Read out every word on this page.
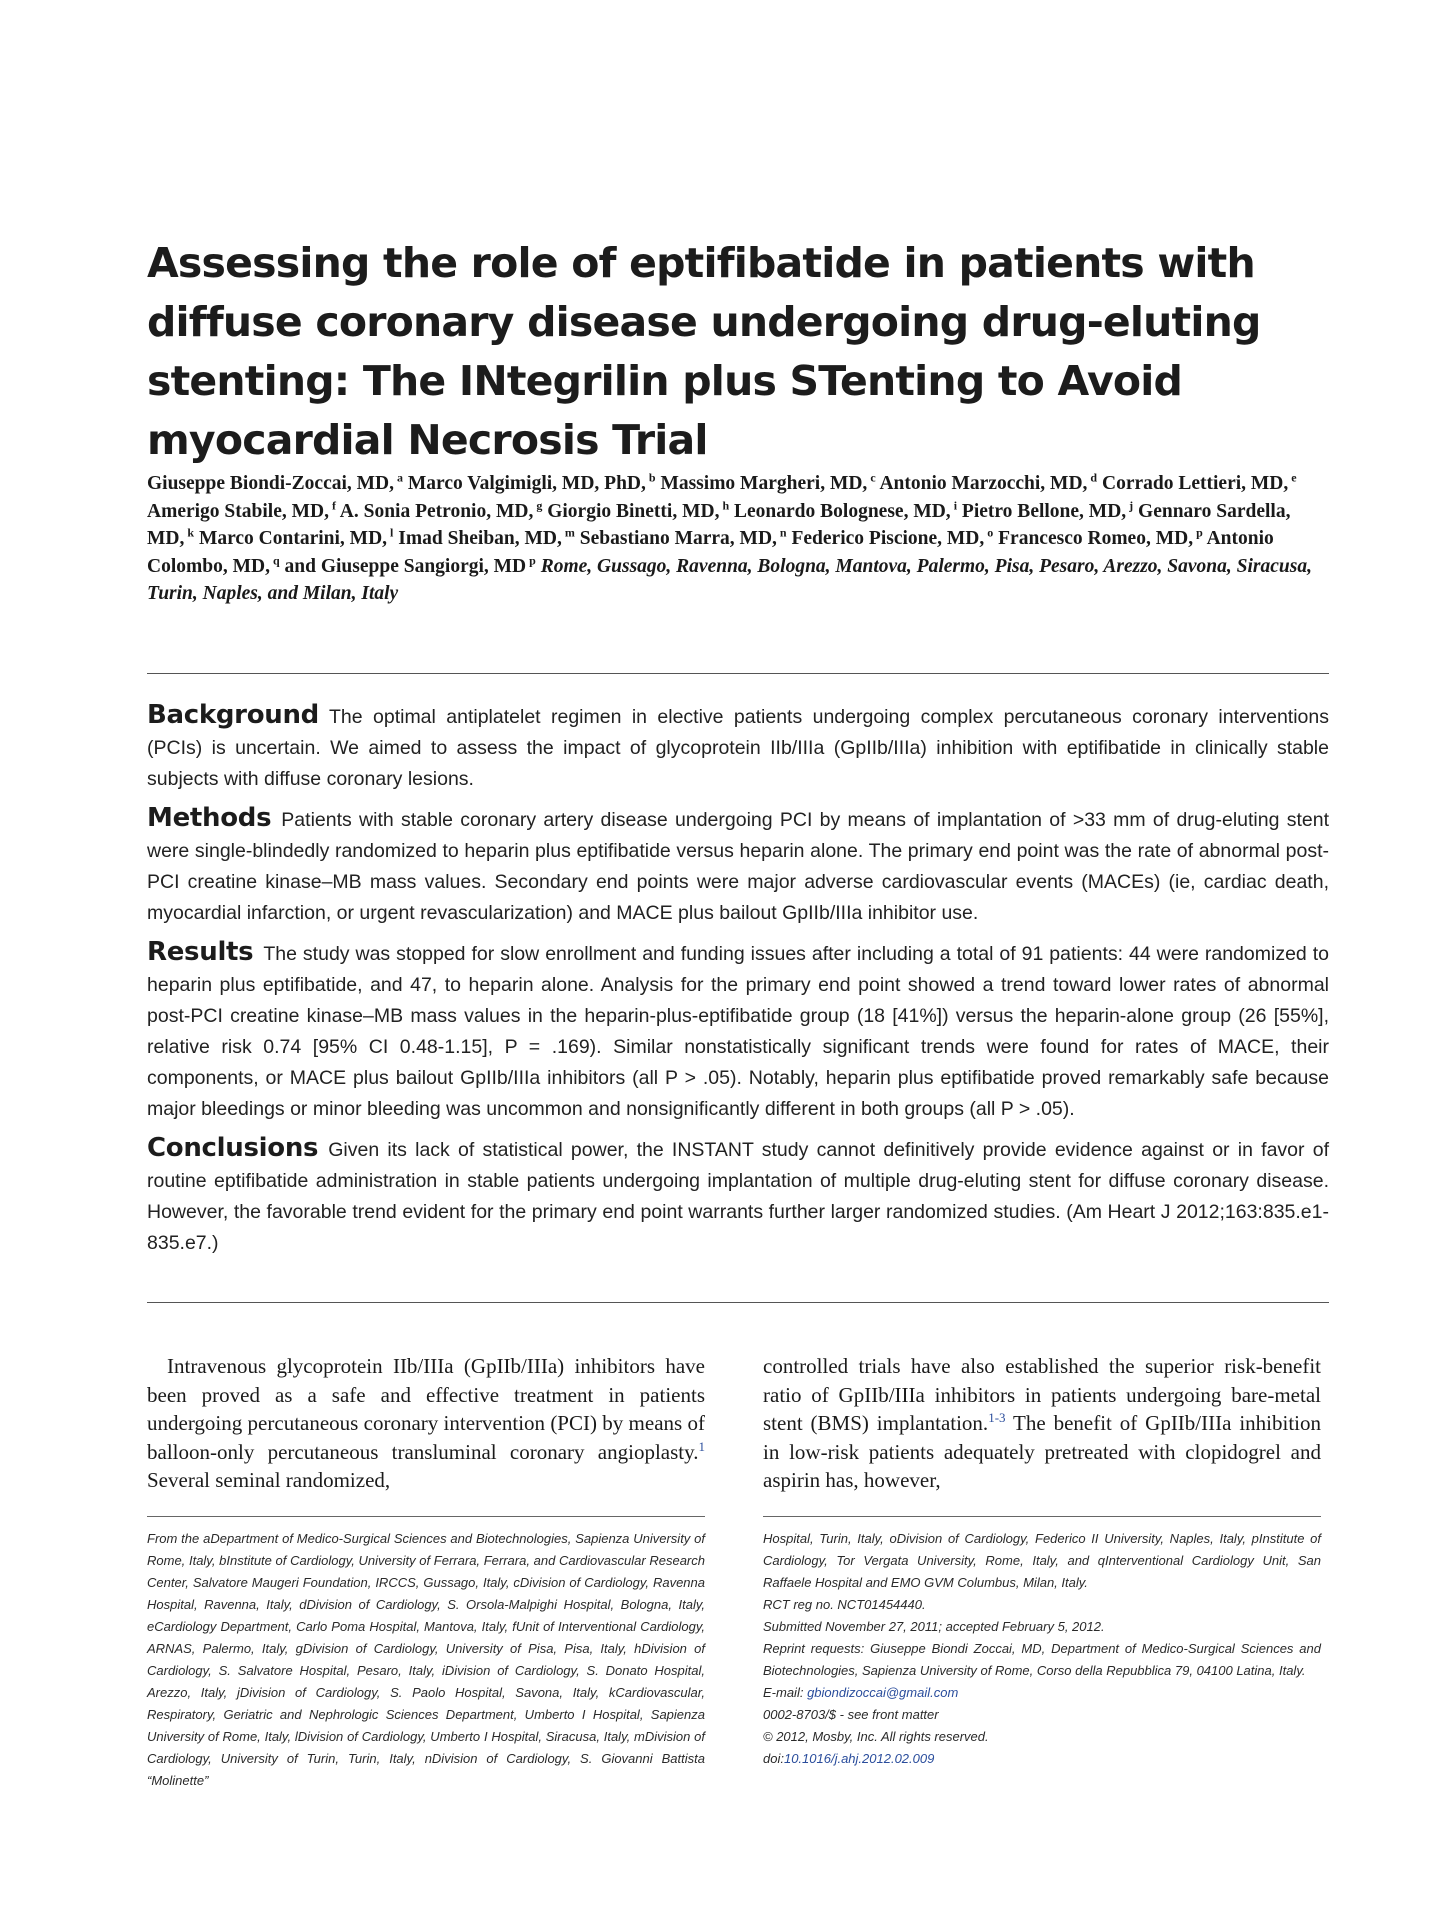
Assessing the role of eptifibatide in patients with diffuse coronary disease undergoing drug-eluting stenting: The INtegrilin plus STenting to Avoid myocardial Necrosis Trial
Giuseppe Biondi-Zoccai, MD, $^a$ Marco Valgimigli, MD, PhD, $^b$ Massimo Margheri, MD, $^c$ Antonio Marzocchi, MD, $^d$ Corrado Lettieri, MD, $^e$ Amerigo Stabile, MD, $^f$ A. Sonia Petronio, MD, $^g$ Giorgio Binetti, MD, $^h$ Leonardo Bolognese, MD, $^i$ Pietro Bellone, MD, $^j$ Gennaro Sardella, MD, $^k$ Marco Contarini, MD, $^l$ Imad Sheiban, MD, $^m$ Sebastiano Marra, MD, $^n$ Federico Piscione, MD, $^o$ Francesco Romeo, MD, $^p$ Antonio Colombo, MD, $^q$ and Giuseppe Sangiorgi, MD $^p$ Rome, Gussago, Ravenna, Bologna, Mantova, Palermo, Pisa, Pesaro, Arezzo, Savona, Siracusa, Turin, Naples, and Milan, Italy

Background The optimal antiplatelet regimen in elective patients undergoing complex percutaneous coronary interventions (PCIs) is uncertain. We aimed to assess the impact of glycoprotein IIb/IIIa (GpIIb/IIIa) inhibition with eptifibatide in clinically stable subjects with diffuse coronary lesions.

Methods Patients with stable coronary artery disease undergoing PCI by means of implantation of >33 mm of drug-eluting stent were single-blindedly randomized to heparin plus eptifibatide versus heparin alone. The primary end point was the rate of abnormal post-PCI creatine kinase–MB mass values. Secondary end points were major adverse cardiovascular events (MACEs) (ie, cardiac death, myocardial infarction, or urgent revascularization) and MACE plus bailout GpIIb/IIIa inhibitor use.

Results The study was stopped for slow enrollment and funding issues after including a total of 91 patients: 44 were randomized to heparin plus eptifibatide, and 47, to heparin alone. Analysis for the primary end point showed a trend toward lower rates of abnormal post-PCI creatine kinase–MB mass values in the heparin-plus-eptifibatide group (18 [41%]) versus the heparin-alone group (26 [55%], relative risk 0.74 [95% CI 0.48-1.15], P = .169). Similar nonstatistically significant trends were found for rates of MACE, their components, or MACE plus bailout GpIIb/IIIa inhibitors (all P > .05). Notably, heparin plus eptifibatide proved remarkably safe because major bleedings or minor bleeding was uncommon and nonsignificantly different in both groups (all P > .05).

Conclusions Given its lack of statistical power, the INSTANT study cannot definitively provide evidence against or in favor of routine eptifibatide administration in stable patients undergoing implantation of multiple drug-eluting stent for diffuse coronary disease. However, the favorable trend evident for the primary end point warrants further larger randomized studies. (Am Heart J 2012;163:835.e1-835.e7.)

Intravenous glycoprotein IIb/IIIa (GpIIb/IIIa) inhibitors have been proved as a safe and effective treatment in patients undergoing percutaneous coronary intervention (PCI) by means of balloon-only percutaneous transluminal coronary angioplasty.$^1$ Several seminal randomized,

controlled trials have also established the superior risk-benefit ratio of GpIIb/IIIa inhibitors in patients undergoing bare-metal stent (BMS) implantation.$^{1-3}$ The benefit of GpIIb/IIIa inhibition in low-risk patients adequately pretreated with clopidogrel and aspirin has, however,

From the aDepartment of Medico-Surgical Sciences and Biotechnologies, Sapienza University of Rome, Italy, bInstitute of Cardiology, University of Ferrara, Ferrara, and Cardiovascular Research Center, Salvatore Maugeri Foundation, IRCCS, Gussago, Italy, cDivision of Cardiology, Ravenna Hospital, Ravenna, Italy, dDivision of Cardiology, S. Orsola-Malpighi Hospital, Bologna, Italy, eCardiology Department, Carlo Poma Hospital, Mantova, Italy, fUnit of Interventional Cardiology, ARNAS, Palermo, Italy, gDivision of Cardiology, University of Pisa, Pisa, Italy, hDivision of Cardiology, S. Salvatore Hospital, Pesaro, Italy, iDivision of Cardiology, S. Donato Hospital, Arezzo, Italy, jDivision of Cardiology, S. Paolo Hospital, Savona, Italy, kCardiovascular, Respiratory, Geriatric and Nephrologic Sciences Department, Umberto I Hospital, Sapienza University of Rome, Italy, lDivision of Cardiology, Umberto I Hospital, Siracusa, Italy, mDivision of Cardiology, University of Turin, Turin, Italy, nDivision of Cardiology, S. Giovanni Battista “Molinette”

Hospital, Turin, Italy, oDivision of Cardiology, Federico II University, Naples, Italy, pInstitute of Cardiology, Tor Vergata University, Rome, Italy, and qInterventional Cardiology Unit, San Raffaele Hospital and EMO GVM Columbus, Milan, Italy.

RCT reg no. NCT01454440.

Submitted November 27, 2011; accepted February 5, 2012.

Reprint requests: Giuseppe Biondi Zoccai, MD, Department of Medico-Surgical Sciences and Biotechnologies, Sapienza University of Rome, Corso della Repubblica 79, 04100 Latina, Italy.

E-mail: gbiondizoccai@gmail.com

0002-8703/$ - see front matter

© 2012, Mosby, Inc. All rights reserved.

doi:10.1016/j.ahj.2012.02.009
